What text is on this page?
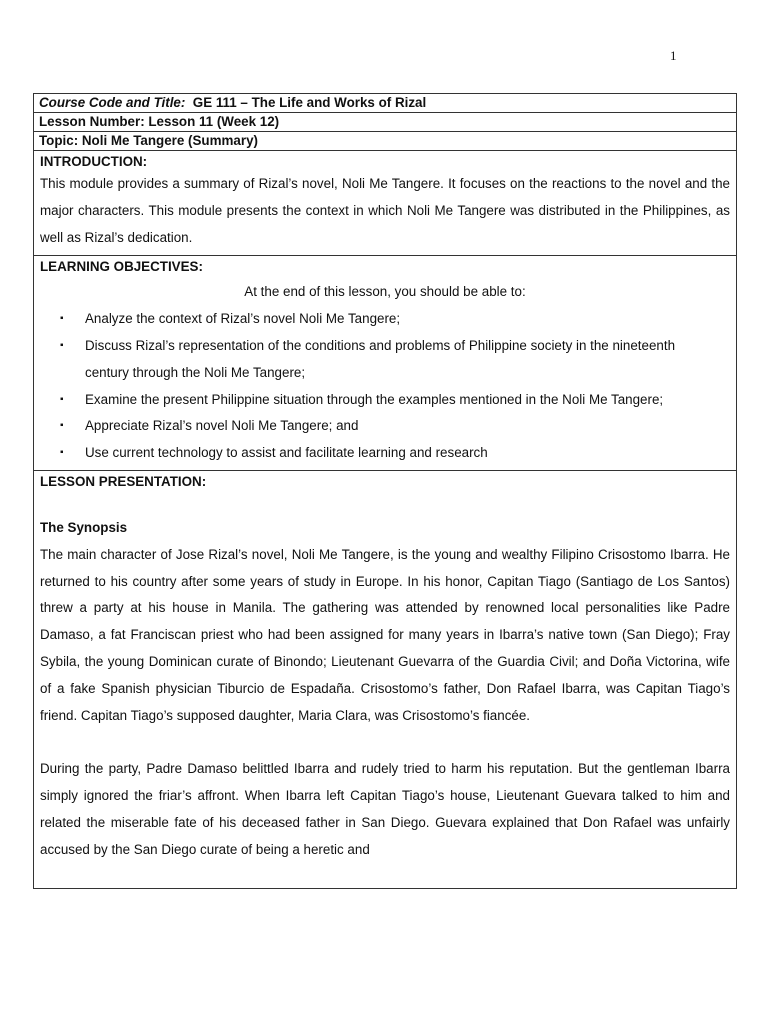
1
Course Code and Title: GE 111 – The Life and Works of Rizal
Lesson Number: Lesson 11 (Week 12)
Topic: Noli Me Tangere (Summary)
INTRODUCTION:

This module provides a summary of Rizal’s novel, Noli Me Tangere. It focuses on the reactions to the novel and the major characters. This module presents the context in which Noli Me Tangere was distributed in the Philippines, as well as Rizal’s dedication.

LEARNING OBJECTIVES:
At the end of this lesson, you should be able to:
▪ Analyze the context of Rizal’s novel Noli Me Tangere;
▪ Discuss Rizal’s representation of the conditions and problems of Philippine society in the nineteenth century through the Noli Me Tangere;
▪ Examine the present Philippine situation through the examples mentioned in the Noli Me Tangere;
▪ Appreciate Rizal’s novel Noli Me Tangere; and
▪ Use current technology to assist and facilitate learning and research
LESSON PRESENTATION:
The Synopsis

The main character of Jose Rizal’s novel, Noli Me Tangere, is the young and wealthy Filipino Crisostomo Ibarra. He returned to his country after some years of study in Europe. In his honor, Capitan Tiago (Santiago de Los Santos) threw a party at his house in Manila. The gathering was attended by renowned local personalities like Padre Damaso, a fat Franciscan priest who had been assigned for many years in Ibarra’s native town (San Diego); Fray Sybila, the young Dominican curate of Binondo; Lieutenant Guevarra of the Guardia Civil; and Doña Victorina, wife of a fake Spanish physician Tiburcio de Espadaña. Crisostomo’s father, Don Rafael Ibarra, was Capitan Tiago’s friend. Capitan Tiago’s supposed daughter, Maria Clara, was Crisostomo’s fiancée.

During the party, Padre Damaso belittled Ibarra and rudely tried to harm his reputation. But the gentleman Ibarra simply ignored the friar’s affront. When Ibarra left Capitan Tiago’s house, Lieutenant Guevara talked to him and related the miserable fate of his deceased father in San Diego. Guevara explained that Don Rafael was unfairly accused by the San Diego curate of being a heretic and
